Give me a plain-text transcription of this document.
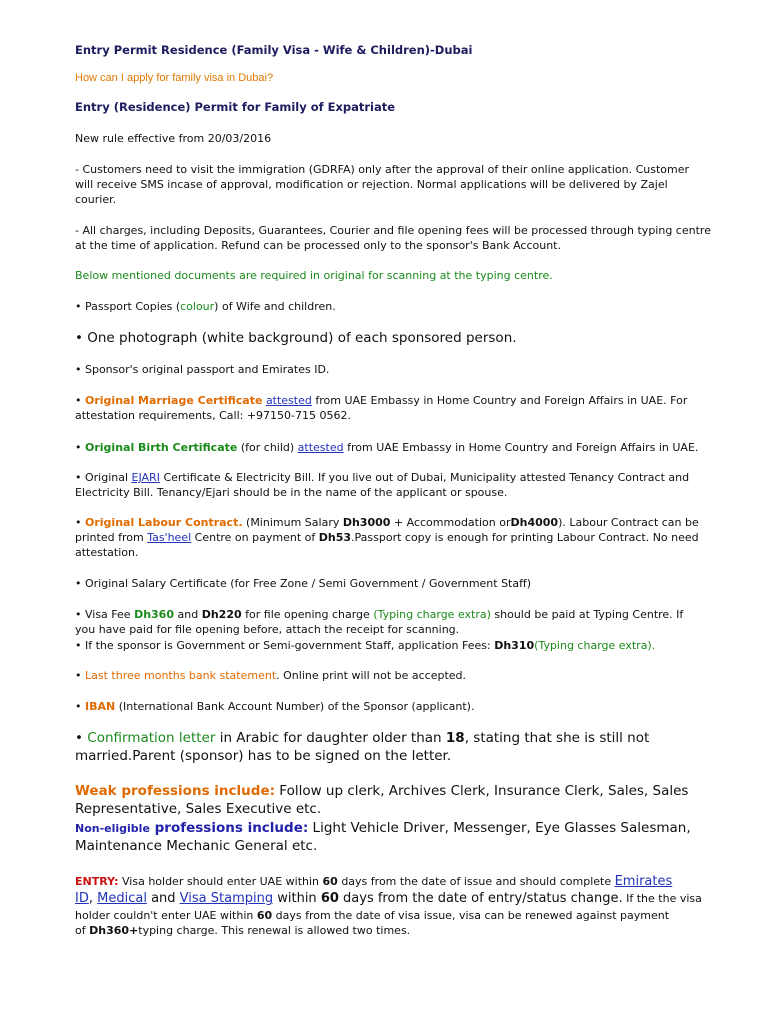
Entry Permit Residence (Family Visa - Wife & Children)-Dubai
How can I apply for family visa in Dubai?
Entry (Residence) Permit for Family of Expatriate
New rule effective from 20/03/2016
- Customers need to visit the immigration (GDRFA) only after the approval of their online application. Customer
will receive SMS incase of approval, modification or rejection. Normal applications will be delivered by Zajel
courier.
- All charges, including Deposits, Guarantees, Courier and file opening fees will be processed through typing centre
at the time of application. Refund can be processed only to the sponsor's Bank Account.
Below mentioned documents are required in original for scanning at the typing centre.
• Passport Copies (colour) of Wife and children.
• One photograph (white background) of each sponsored person.
• Sponsor's original passport and Emirates ID.
• Original Marriage Certificate attested from UAE Embassy in Home Country and Foreign Affairs in UAE. For
attestation requirements, Call: +97150-715 0562.
• Original Birth Certificate (for child) attested from UAE Embassy in Home Country and Foreign Affairs in UAE.
• Original EJARI Certificate & Electricity Bill. If you live out of Dubai, Municipality attested Tenancy Contract and
Electricity Bill. Tenancy/Ejari should be in the name of the applicant or spouse.
• Original Labour Contract. (Minimum Salary Dh3000 + Accommodation orDh4000). Labour Contract can be
printed from Tas'heel Centre on payment of Dh53.Passport copy is enough for printing Labour Contract. No need
attestation.
• Original Salary Certificate (for Free Zone / Semi Government / Government Staff)
• Visa Fee Dh360 and Dh220 for file opening charge (Typing charge extra) should be paid at Typing Centre. If
you have paid for file opening before, attach the receipt for scanning.
• If the sponsor is Government or Semi-government Staff, application Fees: Dh310(Typing charge extra).
• Last three months bank statement. Online print will not be accepted.
• IBAN (International Bank Account Number) of the Sponsor (applicant).
• Confirmation letter in Arabic for daughter older than 18, stating that she is still not
married.Parent (sponsor) has to be signed on the letter.
Weak professions include: Follow up clerk, Archives Clerk, Insurance Clerk, Sales, Sales
Representative, Sales Executive etc.
Non-eligible professions include: Light Vehicle Driver, Messenger, Eye Glasses Salesman,
Maintenance Mechanic General etc.
ENTRY: Visa holder should enter UAE within 60 days from the date of issue and should complete Emirates
ID, Medical and Visa Stamping within 60 days from the date of entry/status change. If the the visa
holder couldn't enter UAE within 60 days from the date of visa issue, visa can be renewed against payment
of Dh360+typing charge. This renewal is allowed two times.
